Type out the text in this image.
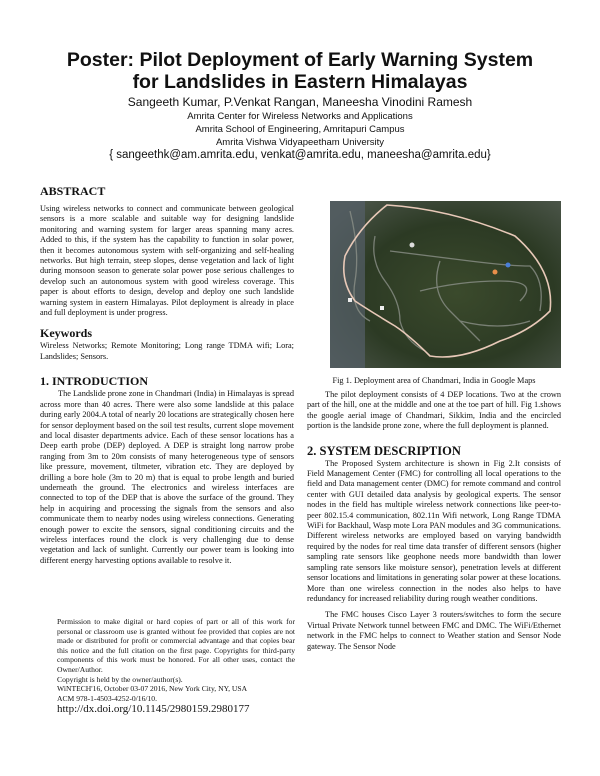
Poster: Pilot Deployment of Early Warning System for Landslides in Eastern Himalayas
Sangeeth Kumar, P.Venkat Rangan, Maneesha Vinodini Ramesh
Amrita Center for Wireless Networks and Applications
Amrita School of Engineering, Amritapuri Campus
Amrita Vishwa Vidyapeetham University
{ sangeethk@am.amrita.edu, venkat@amrita.edu, maneesha@amrita.edu}

ABSTRACT

Using wireless networks to connect and communicate between geological sensors is a more scalable and suitable way for designing landslide monitoring and warning system for larger areas spanning many acres. Added to this, if the system has the capability to function in solar power, then it becomes autonomous system with self-organizing and self-healing networks. But high terrain, steep slopes, dense vegetation and lack of light during monsoon season to generate solar power pose serious challenges to develop such an autonomous system with good wireless coverage. This paper is about efforts to design, develop and deploy one such landslide warning system in eastern Himalayas. Pilot deployment is already in place and full deployment is under progress.

Keywords

Wireless Networks; Remote Monitoring; Long range TDMA wifi; Lora; Landslides; Sensors.

1. INTRODUCTION

The Landslide prone zone in Chandmari (India) in Himalayas is spread across more than 40 acres. There were also some landslide at this palace during early 2004.A total of nearly 20 locations are strategically chosen here for sensor deployment based on the soil test results, current slope movement and local disaster departments advice. Each of these sensor locations has a Deep earth probe (DEP) deployed. A DEP is straight long narrow probe ranging from 3m to 20m consists of many heterogeneous type of sensors like pressure, movement, tiltmeter, vibration etc. They are deployed by drilling a bore hole (3m to 20 m) that is equal to probe length and buried underneath the ground. The electronics and wireless interfaces are connected to top of the DEP that is above the surface of the ground. They help in acquiring and processing the signals from the sensors and also communicate them to nearby nodes using wireless connections. Generating enough power to excite the sensors, signal conditioning circuits and the wireless interfaces round the clock is very challenging due to dense vegetation and lack of sunlight. Currently our power team is looking into different energy harvesting options available to resolve it.

Permission to make digital or hard copies of part or all of this work for personal or classroom use is granted without fee provided that copies are not made or distributed for profit or commercial advantage and that copies bear this notice and the full citation on the first page. Copyrights for third-party components of this work must be honored. For all other uses, contact the Owner/Author.

Copyright is held by the owner/author(s).

WiNTECH'16, October 03-07 2016, New York City, NY, USA

ACM 978-1-4503-4252-0/16/10.

http://dx.doi.org/10.1145/2980159.2980177

Fig 1. Deployment area of Chandmari, India in Google Maps

The pilot deployment consists of 4 DEP locations. Two at the crown part of the hill, one at the middle and one at the toe part of hill. Fig 1.shows the google aerial image of Chandmari, Sikkim, India and the encircled portion is the landside prone zone, where the full deployment is planned.

2. SYSTEM DESCRIPTION

The Proposed System architecture is shown in Fig 2.It consists of Field Management Center (FMC) for controlling all local operations to the field and Data management center (DMC) for remote command and control center with GUI detailed data analysis by geological experts. The sensor nodes in the field has multiple wireless network connections like peer-to-peer 802.15.4 communication, 802.11n Wifi network, Long Range TDMA WiFi for Backhaul, Wasp mote Lora PAN modules and 3G communications. Different wireless networks are employed based on varying bandwidth required by the nodes for real time data transfer of different sensors (higher sampling rate sensors like geophone needs more bandwidth than lower sampling rate sensors like moisture sensor), penetration levels at different sensor locations and limitations in generating solar power at these locations. More than one wireless connection in the nodes also helps to have redundancy for increased reliability during rough weather conditions.

The FMC houses Cisco Layer 3 routers/switches to form the secure Virtual Private Network tunnel between FMC and DMC. The WiFi/Ethernet network in the FMC helps to connect to Weather station and Sensor Node gateway. The Sensor Node
